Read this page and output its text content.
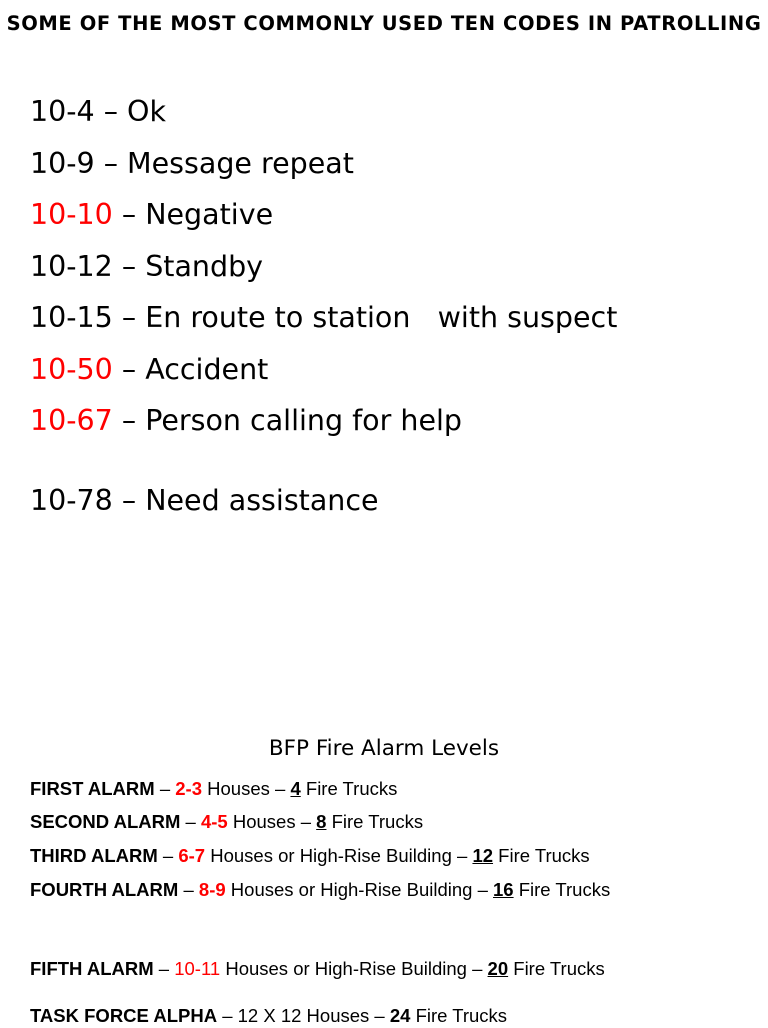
SOME OF THE MOST COMMONLY USED TEN CODES IN PATROLLING

10-4 – Ok

10-9 – Message repeat

10-10 – Negative

10-12 – Standby

10-15 – En route to station   with suspect

10-50 – Accident

10-67 – Person calling for help

10-78 – Need assistance

BFP Fire Alarm Levels
FIRST ALARM – 2-3 Houses – 4 Fire Trucks
SECOND ALARM – 4-5 Houses – 8 Fire Trucks
THIRD ALARM – 6-7 Houses or High-Rise Building – 12 Fire Trucks
FOURTH ALARM – 8-9 Houses or High-Rise Building – 16 Fire Trucks
FIFTH ALARM – 10-11 Houses or High-Rise Building – 20 Fire Trucks
TASK FORCE ALPHA – 12 X 12 Houses – 24 Fire Trucks
